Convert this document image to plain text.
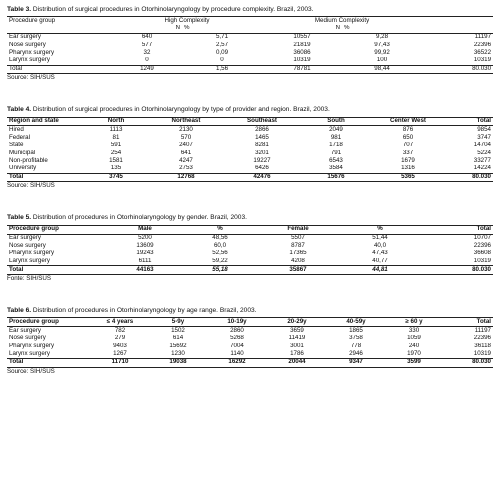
Table 3. Distribution of surgical procedures in Otorhinolaryngology by procedure complexity. Brazil, 2003.
Procedure group	High Complexity		Medium Complexity		
	N	%	N	%	
Ear surgery	640	5,71	10557	9,28	11197
Nose surgery	577	2,57	21819	97,43	22396
Pharynx surgery	32	0,09	36086	99,92	36522
Larynx surgery	0	0	10319	100	10319
Total	1249	1,56	78781	98,44	80.030
Source: SIH/SUS
Table 4. Distribution of surgical procedures in Otorhinolaryngology by type of provider and region. Brazil, 2003.
Region and state	North	Northeast	Southeast	South	Center West	Total
Hired	1113	2130	2866	2049	876	9854
Federal	81	570	1465	981	650	3747
State	591	2407	8281	1718	707	14704
Municipal	254	641	3201	791	337	5224
Non-profitable	1581	4247	19227	6543	1679	33277
University	135	2753	6426	3584	1316	14224
Total	3745	12768	42476	15676	5365	80.030
Source: SIH/SUS
Table 5. Distribution of procedures in Otorhinolaryngology by gender. Brazil, 2003.
Procedure group	Male	%	Female	%	Total
Ear surgery	5200	48,56	5507	51,44	10707
Nose surgery	13609	60,0	8787	40,0	22396
Pharynx surgery	19243	52,56	17365	47,43	36608
Larynx surgery	6111	59,22	4208	40,77	10319
Total	44163	55,18	35867	44,81	80.030
Fonte: SIH/SUS
Table 6. Distribution of procedures in Otorhinolaryngology by age range. Brazil, 2003.
Procedure group	≤ 4 years	5-9y	10-19y	20-29y	40-59y	≥ 60 y	Total
Ear surgery	782	1502	2860	3659	1865	330	11197
Nose surgery	279	614	5268	11419	3758	1059	22396
Pharynx surgery	9403	15692	7004	3001	778	240	36118
Larynx surgery	1267	1230	1140	1786	2946	1970	10319
Total	11710	19038	16292	20044	9347	3599	80.030
Source: SIH/SUS
